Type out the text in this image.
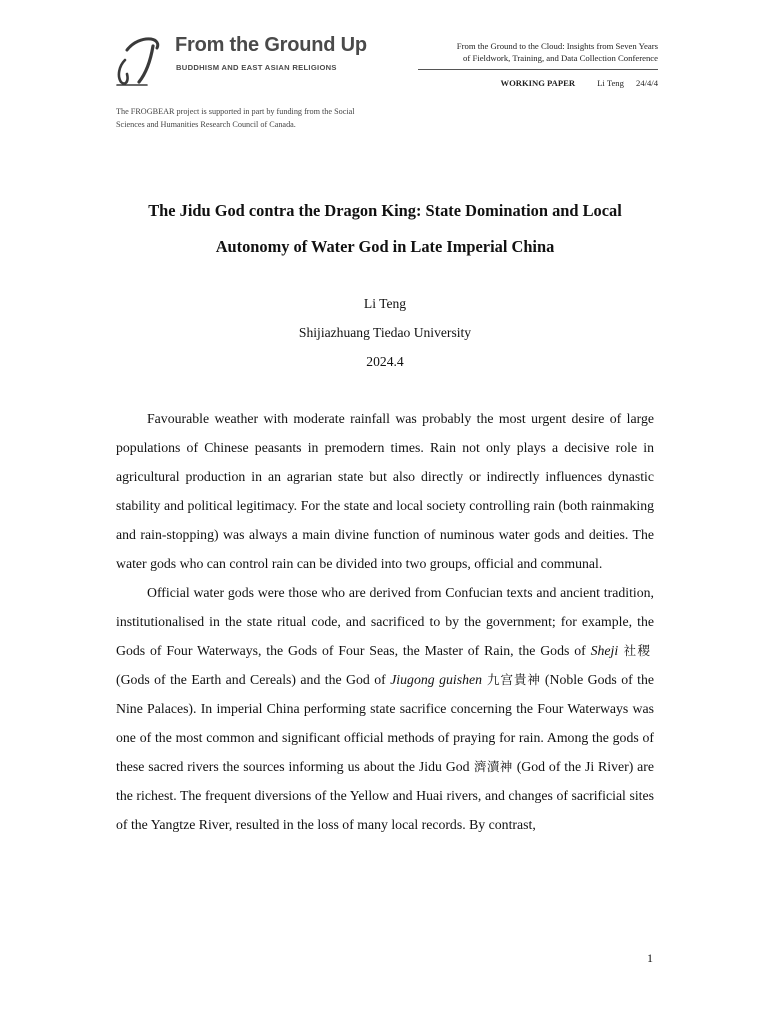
From the Ground Up
BUDDHISM AND EAST ASIAN RELIGIONS
The FROGBEAR project is supported in part by funding from the Social Sciences and Humanities Research Council of Canada.
From the Ground to the Cloud: Insights from Seven Years
of Fieldwork, Training, and Data Collection Conference
WORKING PAPER	Li Teng 24/4/4
The Jidu God contra the Dragon King: State Domination and Local
Autonomy of Water God in Late Imperial China
Li Teng
Shijiazhuang Tiedao University
2024.4

Favourable weather with moderate rainfall was probably the most urgent desire of large populations of Chinese peasants in premodern times. Rain not only plays a decisive role in agricultural production in an agrarian state but also directly or indirectly influences dynastic stability and political legitimacy. For the state and local society controlling rain (both rainmaking and rain-stopping) was always a main divine function of numinous water gods and deities. The water gods who can control rain can be divided into two groups, official and communal.

Official water gods were those who are derived from Confucian texts and ancient tradition, institutionalised in the state ritual code, and sacrificed to by the government; for example, the Gods of Four Waterways, the Gods of Four Seas, the Master of Rain, the Gods of Sheji 社稷(Gods of the Earth and Cereals) and the God of Jiugong guishen 九宫貴神 (Noble Gods of the Nine Palaces). In imperial China performing state sacrifice concerning the Four Waterways was one of the most common and significant official methods of praying for rain. Among the gods of these sacred rivers the sources informing us about the Jidu God 濟瀆神 (God of the Ji River) are the richest. The frequent diversions of the Yellow and Huai rivers, and changes of sacrificial sites of the Yangtze River, resulted in the loss of many local records. By contrast,

1
